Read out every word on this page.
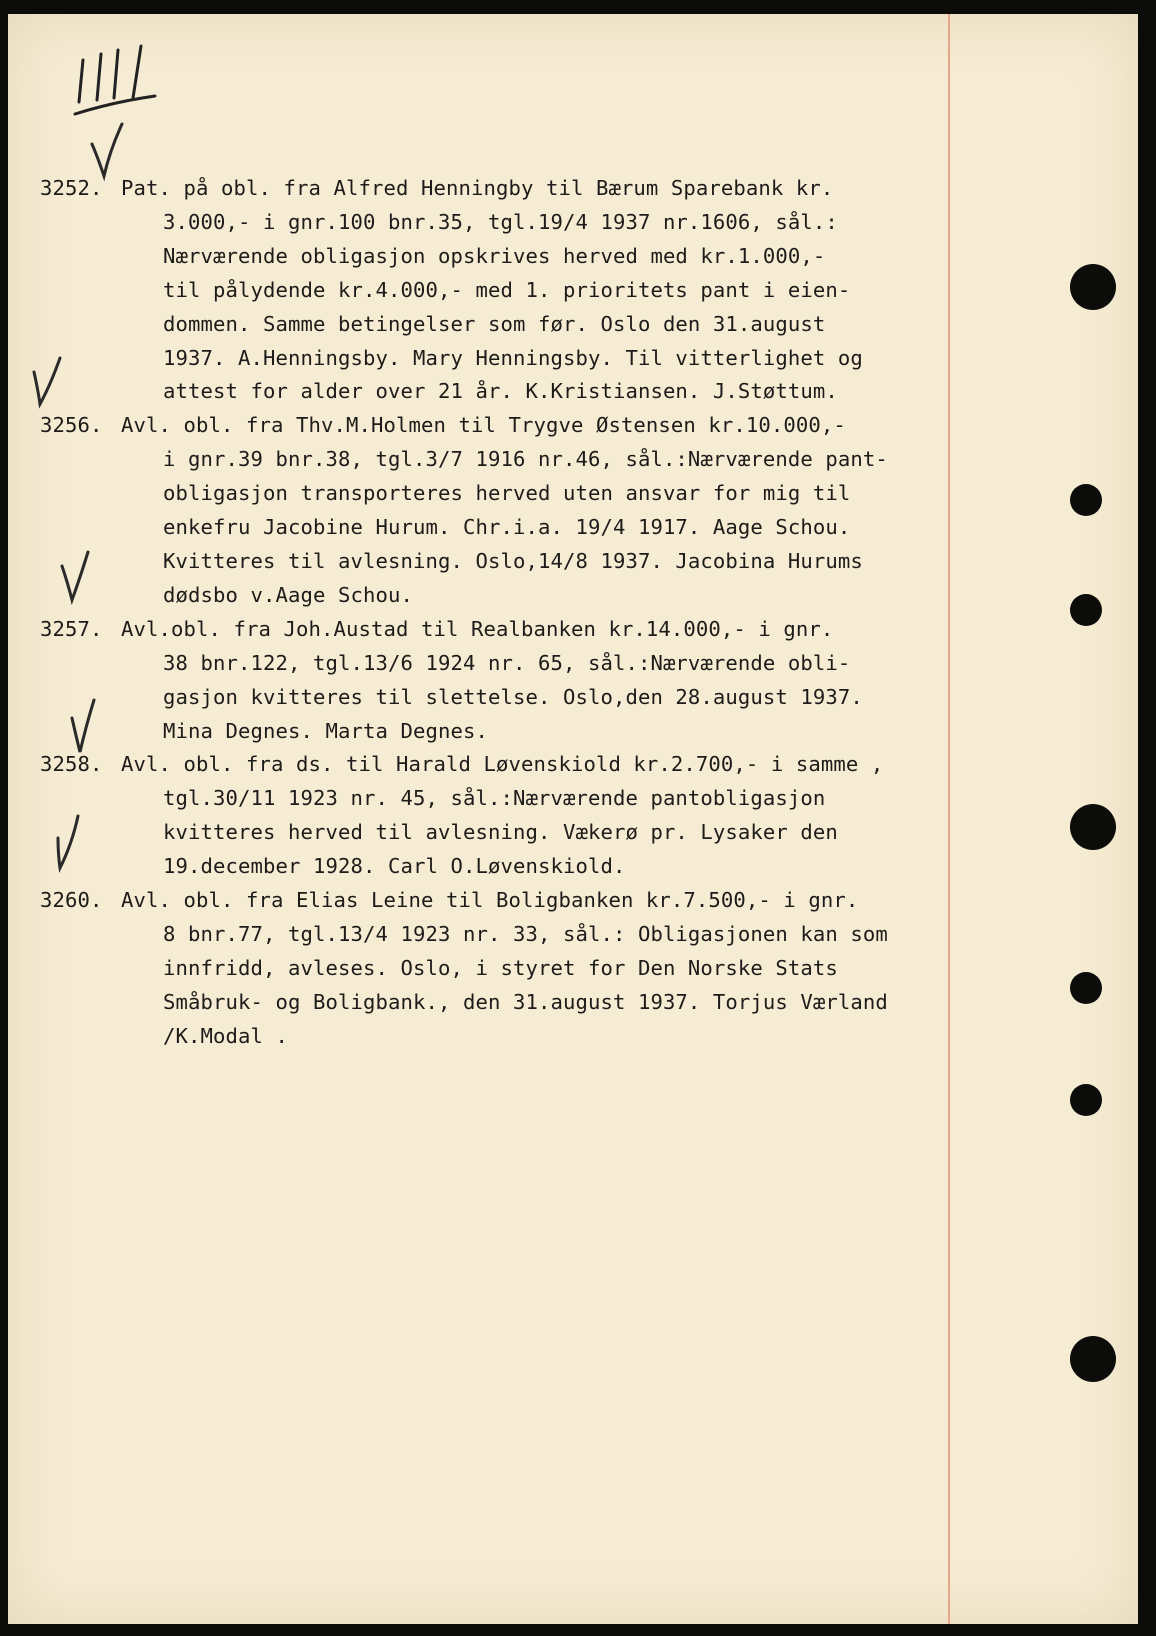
3252. Pat. på obl. fra Alfred Henningby til Bærum Sparebank kr.
3.000,- i gnr.100 bnr.35, tgl.19/4 1937 nr.1606, sål.:
Nærværende obligasjon opskrives herved med kr.1.000,-
til pålydende kr.4.000,- med 1. prioritets pant i eien-
dommen. Samme betingelser som før. Oslo den 31.august
1937. A.Henningsby. Mary Henningsby. Til vitterlighet og
attest for alder over 21 år. K.Kristiansen. J.Støttum.
3256. Avl. obl. fra Thv.M.Holmen til Trygve Østensen kr.10.000,-
i gnr.39 bnr.38, tgl.3/7 1916 nr.46, sål.:Nærværende pant-
obligasjon transporteres herved uten ansvar for mig til
enkefru Jacobine Hurum. Chr.i.a. 19/4 1917. Aage Schou.
Kvitteres til avlesning. Oslo,14/8 1937. Jacobina Hurums
dødsbo v.Aage Schou.
3257. Avl.obl. fra Joh.Austad til Realbanken kr.14.000,- i gnr.
38 bnr.122, tgl.13/6 1924 nr. 65, sål.:Nærværende obli-
gasjon kvitteres til slettelse. Oslo,den 28.august 1937.
Mina Degnes. Marta Degnes.
3258. Avl. obl. fra ds. til Harald Løvenskiold kr.2.700,- i samme ,
tgl.30/11 1923 nr. 45, sål.:Nærværende pantobligasjon
kvitteres herved til avlesning. Vækerø pr. Lysaker den
19.december 1928. Carl O.Løvenskiold.
3260. Avl. obl. fra Elias Leine til Boligbanken kr.7.500,- i gnr.
8 bnr.77, tgl.13/4 1923 nr. 33, sål.: Obligasjonen kan som
innfridd, avleses. Oslo, i styret for Den Norske Stats
Småbruk- og Boligbank., den 31.august 1937. Torjus Værland
/K.Modal .
